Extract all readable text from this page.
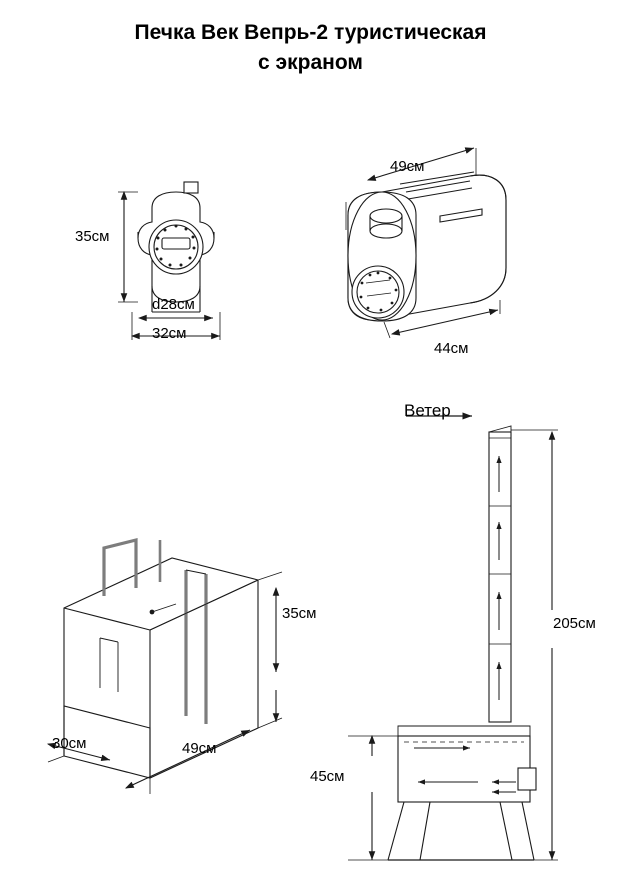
Печка Век Вепрь-2 туристическая
с экраном
35см
d28см
32см
49см
44см
35см
30см	49см
Ветер
205см
45см
